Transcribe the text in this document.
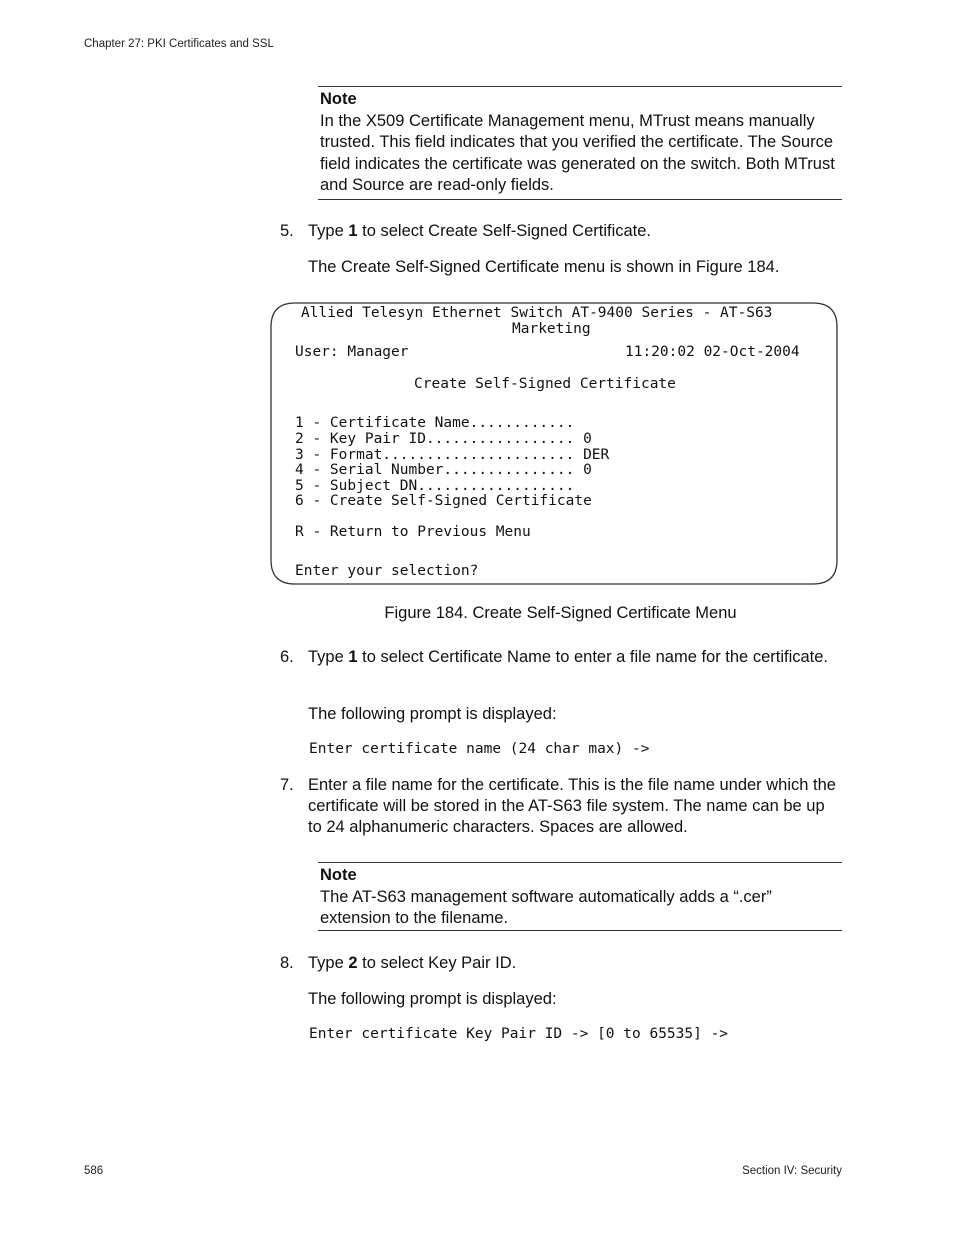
Chapter 27: PKI Certificates and SSL
Note
In the X509 Certificate Management menu, MTrust means manually trusted. This field indicates that you verified the certificate. The Source field indicates the certificate was generated on the switch. Both MTrust and Source are read-only fields.
5. Type 1 to select Create Self-Signed Certificate.
The Create Self-Signed Certificate menu is shown in Figure 184.
Allied Telesyn Ethernet Switch AT-9400 Series - AT-S63
Marketing
User: Manager	11:20:02 02-Oct-2004
Create Self-Signed Certificate
1 - Certificate Name............
2 - Key Pair ID................. 0
3 - Format...................... DER
4 - Serial Number............... 0
5 - Subject DN..................
6 - Create Self-Signed Certificate
R - Return to Previous Menu
Enter your selection?
Figure 184. Create Self-Signed Certificate Menu
6. Type 1 to select Certificate Name to enter a file name for the certificate.
The following prompt is displayed:
Enter certificate name (24 char max) ->
7. Enter a file name for the certificate. This is the file name under which the certificate will be stored in the AT-S63 file system. The name can be up to 24 alphanumeric characters. Spaces are allowed.
Note
The AT-S63 management software automatically adds a “.cer” extension to the filename.
8. Type 2 to select Key Pair ID.
The following prompt is displayed:
Enter certificate Key Pair ID -> [0 to 65535] ->
586	Section IV: Security
